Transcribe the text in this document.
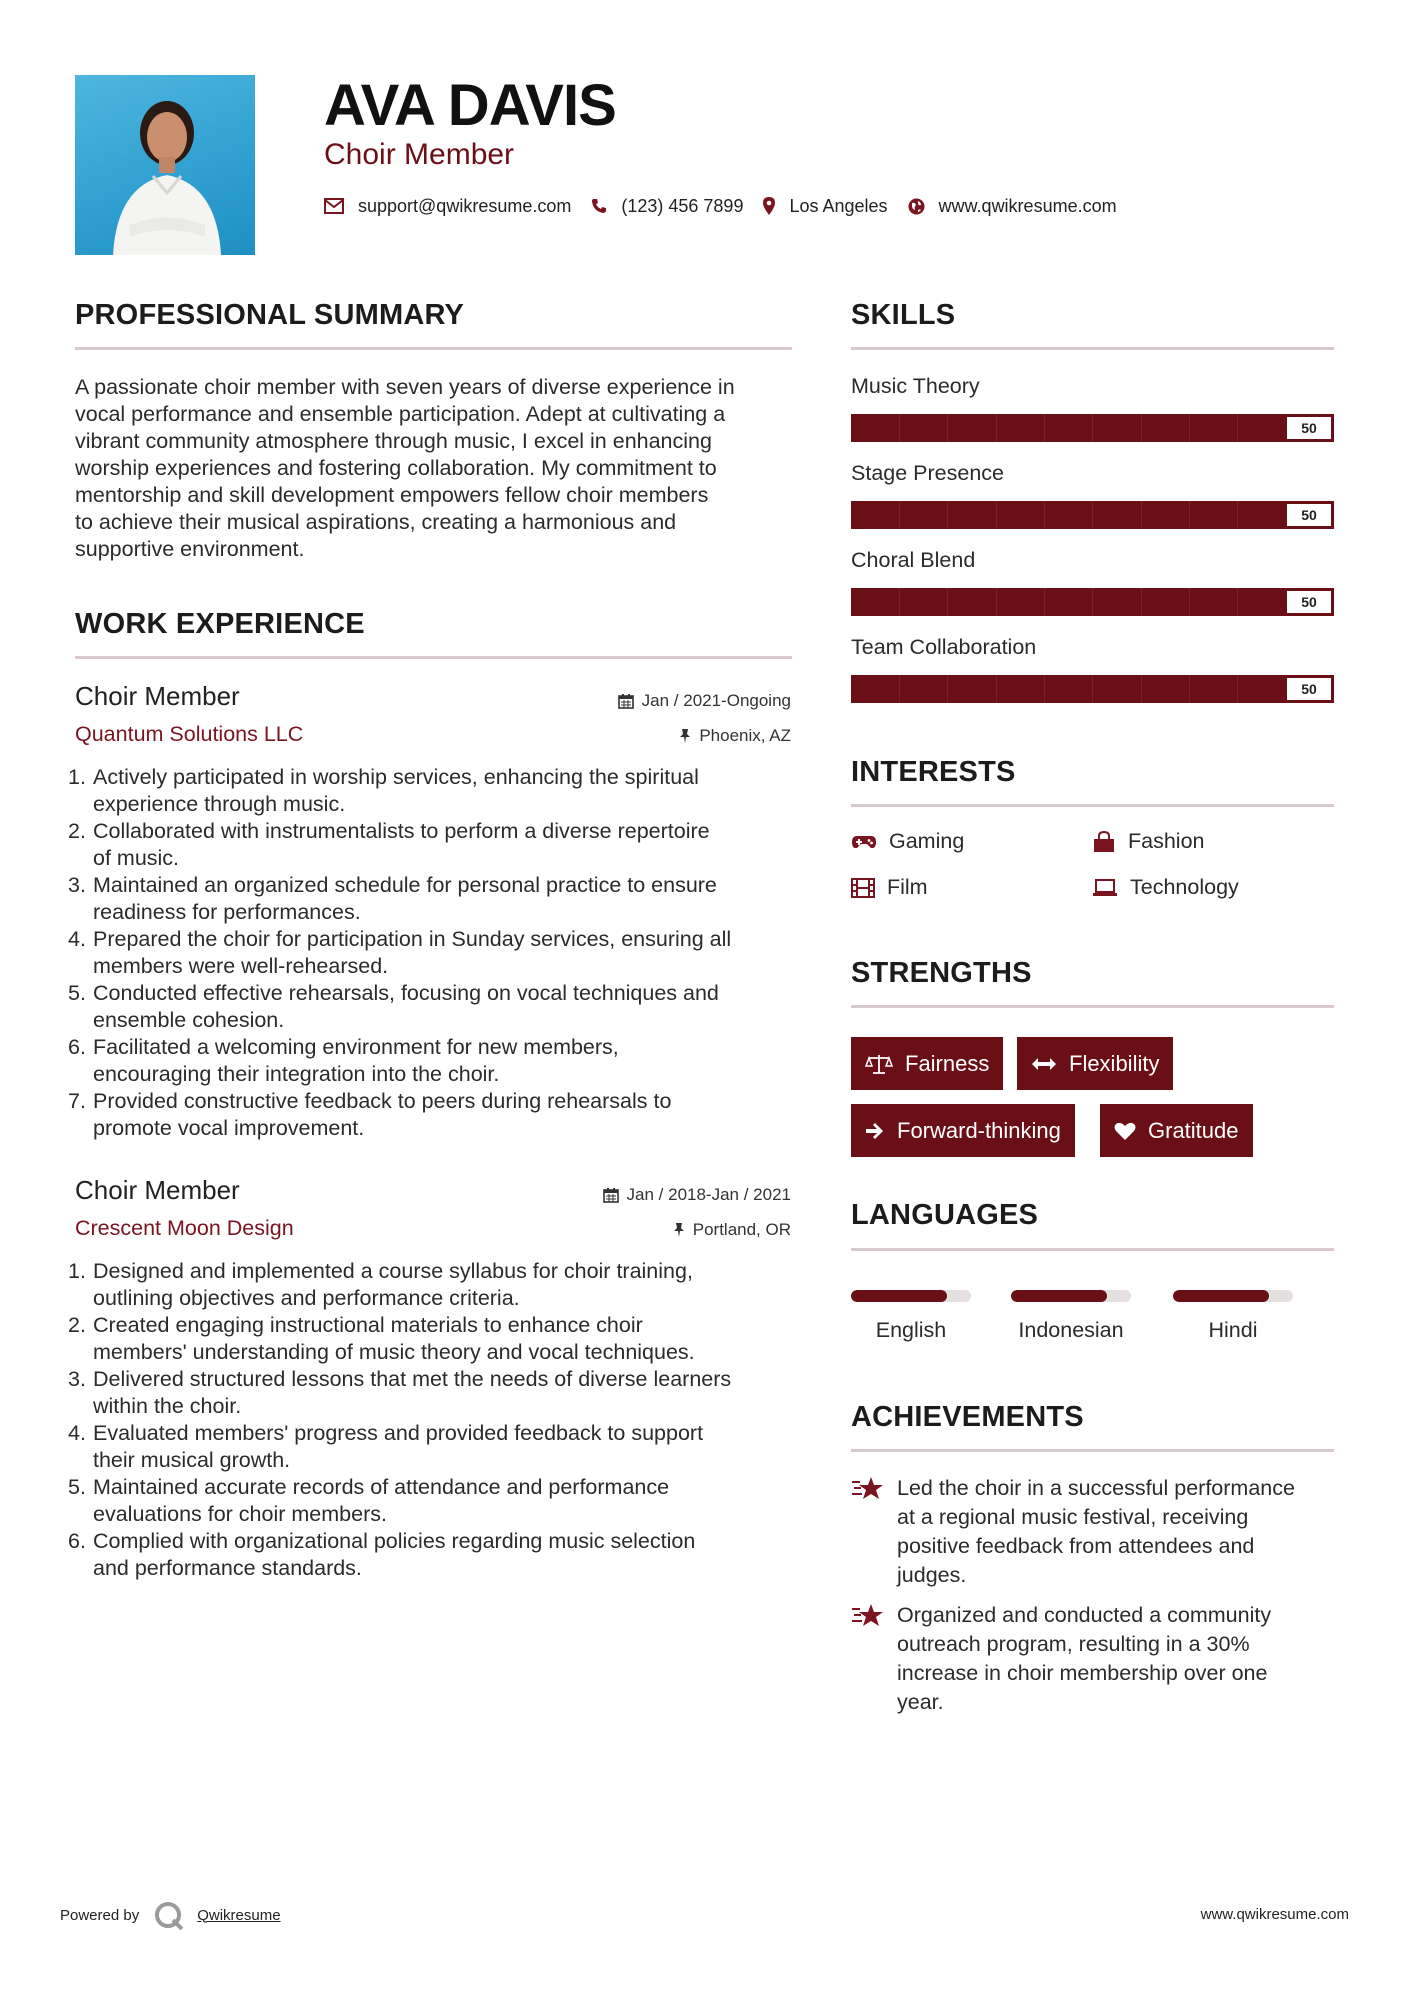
AVA DAVIS
Choir Member
support@qwikresume.com	(123) 456 7899	Los Angeles	www.qwikresume.com
PROFESSIONAL SUMMARY
A passionate choir member with seven years of diverse experience in
vocal performance and ensemble participation. Adept at cultivating a
vibrant community atmosphere through music, I excel in enhancing
worship experiences and fostering collaboration. My commitment to
mentorship and skill development empowers fellow choir members
to achieve their musical aspirations, creating a harmonious and
supportive environment.
WORK EXPERIENCE
Choir Member	Jan / 2021-Ongoing
Quantum Solutions LLC	Phoenix, AZ
1. Actively participated in worship services, enhancing the spiritual
experience through music.
2. Collaborated with instrumentalists to perform a diverse repertoire
of music.
3. Maintained an organized schedule for personal practice to ensure
readiness for performances.
4. Prepared the choir for participation in Sunday services, ensuring all
members were well-rehearsed.
5. Conducted effective rehearsals, focusing on vocal techniques and
ensemble cohesion.
6. Facilitated a welcoming environment for new members,
encouraging their integration into the choir.
7. Provided constructive feedback to peers during rehearsals to
promote vocal improvement.
Choir Member	Jan / 2018-Jan / 2021
Crescent Moon Design	Portland, OR
1. Designed and implemented a course syllabus for choir training,
outlining objectives and performance criteria.
2. Created engaging instructional materials to enhance choir
members' understanding of music theory and vocal techniques.
3. Delivered structured lessons that met the needs of diverse learners
within the choir.
4. Evaluated members' progress and provided feedback to support
their musical growth.
5. Maintained accurate records of attendance and performance
evaluations for choir members.
6. Complied with organizational policies regarding music selection
and performance standards.
SKILLS
Music Theory
50
Stage Presence
50
Choral Blend
50
Team Collaboration
50
INTERESTS
Gaming	Fashion
Film	Technology
STRENGTHS
Fairness	Flexibility
Forward-thinking	Gratitude
LANGUAGES
English	Indonesian	Hindi
ACHIEVEMENTS
Led the choir in a successful performance
at a regional music festival, receiving
positive feedback from attendees and
judges.
Organized and conducted a community
outreach program, resulting in a 30%
increase in choir membership over one
year.
Powered by	Qwikresume	www.qwikresume.com
